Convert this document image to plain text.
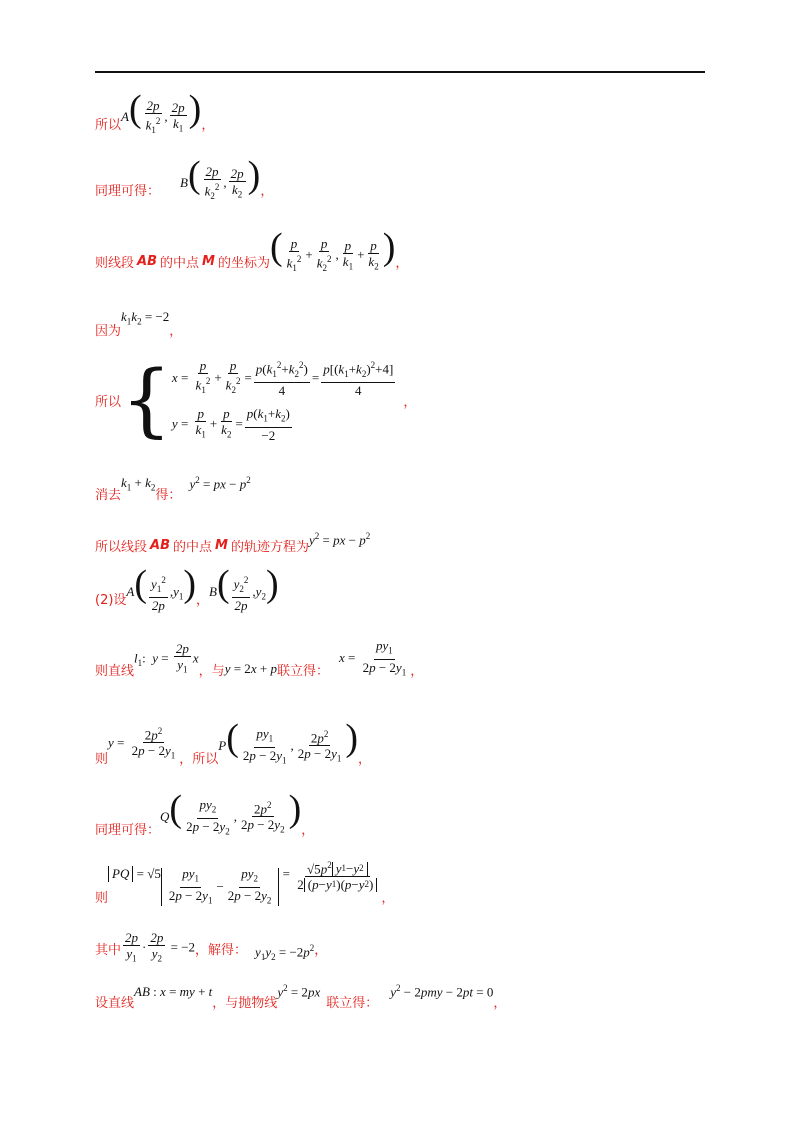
所以
$A( \frac{2p}{k_1^2}$ , $\frac{2p}{k_1}$ ) ，
同理可得：
$B( \frac{2p}{k_2^2}$ , $\frac{2p}{k_2}$ ) ，
则线段 AB 的中点 M 的坐标为 ( $\frac{p}{k_1^2} + \frac{p}{k_2^2}$ , $\frac{p}{k_1} + \frac{p}{k_2}$ ) ，
因为
$k_1k_2 = -2$
，
所以 { $x = \frac{p}{k_1^2} + \frac{p}{k_2^2} = \frac{p(k_1^2+k_2^2)}{4} = \frac{p[(k_1+k_2)^2+4]}{4}$
$y = \frac{p}{k_1} + \frac{p}{k_2} = \frac{p(k_1+k_2)}{-2}$
，
消去
$k_1 + k_2$
得：
$y^2$ = px − $p^2$
所以线段 AB 的中点 M 的轨迹方程为
$y^2$ = px − $p^2$
(2)设
$A( \frac{y_1^2}{2p} ,y_1)$ ，
$B( \frac{y_2^2}{2p} ,y_2)$
则直线
$l_1$:  $y = \frac{2p}{y_1}$ x
，与 y = 2x + p 联立得：
$x = \frac{py_1}{2p - 2y_1}$ ，
则
$y = \frac{2p^2}{2p - 2y_1}$ ，所以
$P( \frac{py_1}{2p - 2y_1}$ , $\frac{2p^2}{2p - 2y_1}$ )
，
同理可得：
$Q( \frac{py_2}{2p - 2y_2}$ , $\frac{2p^2}{2p - 2y_2}$ )
，
则
PQ = $√5 \frac{py_1}{2p - 2y_1} - \frac{py_2}{2p - 2y_2} = \frac{√5p^2 y 1 - y 2}{2 ( p - y 1 )( p - y 2 )}$
，
其中 $\frac{2p}{y_1} \cdot \frac{2p}{y_2} = -2$ ，解得： $y_1y_2 = -2p^2$ ，
设直线
AB : x = my + t
，与抛物线
$y^2 = 2px$
联立得：
$y^2 - 2pmy - 2pt = 0$
，
